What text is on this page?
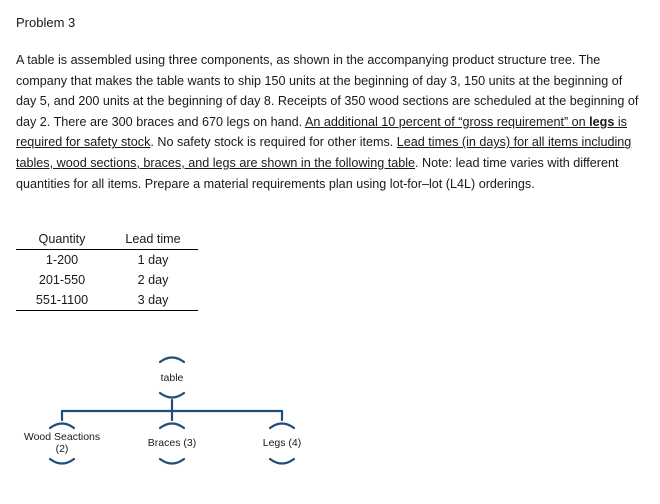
Problem 3
A table is assembled using three components, as shown in the accompanying product structure tree. The company that makes the table wants to ship 150 units at the beginning of day 3, 150 units at the beginning of day 5, and 200 units at the beginning of day 8. Receipts of 350 wood sections are scheduled at the beginning of day 2. There are 300 braces and 670 legs on hand. An additional 10 percent of “gross requirement” on legs is required for safety stock. No safety stock is required for other items. Lead times (in days) for all items including tables, wood sections, braces, and legs are shown in the following table. Note: lead time varies with different quantities for all items. Prepare a material requirements plan using lot-for–lot (L4L) orderings.
Quantity	Lead time
1-200	1 day
201-550	2 day
551-1100	3 day
table
Wood Seactions
(2)	Braces (3)	Legs (4)
